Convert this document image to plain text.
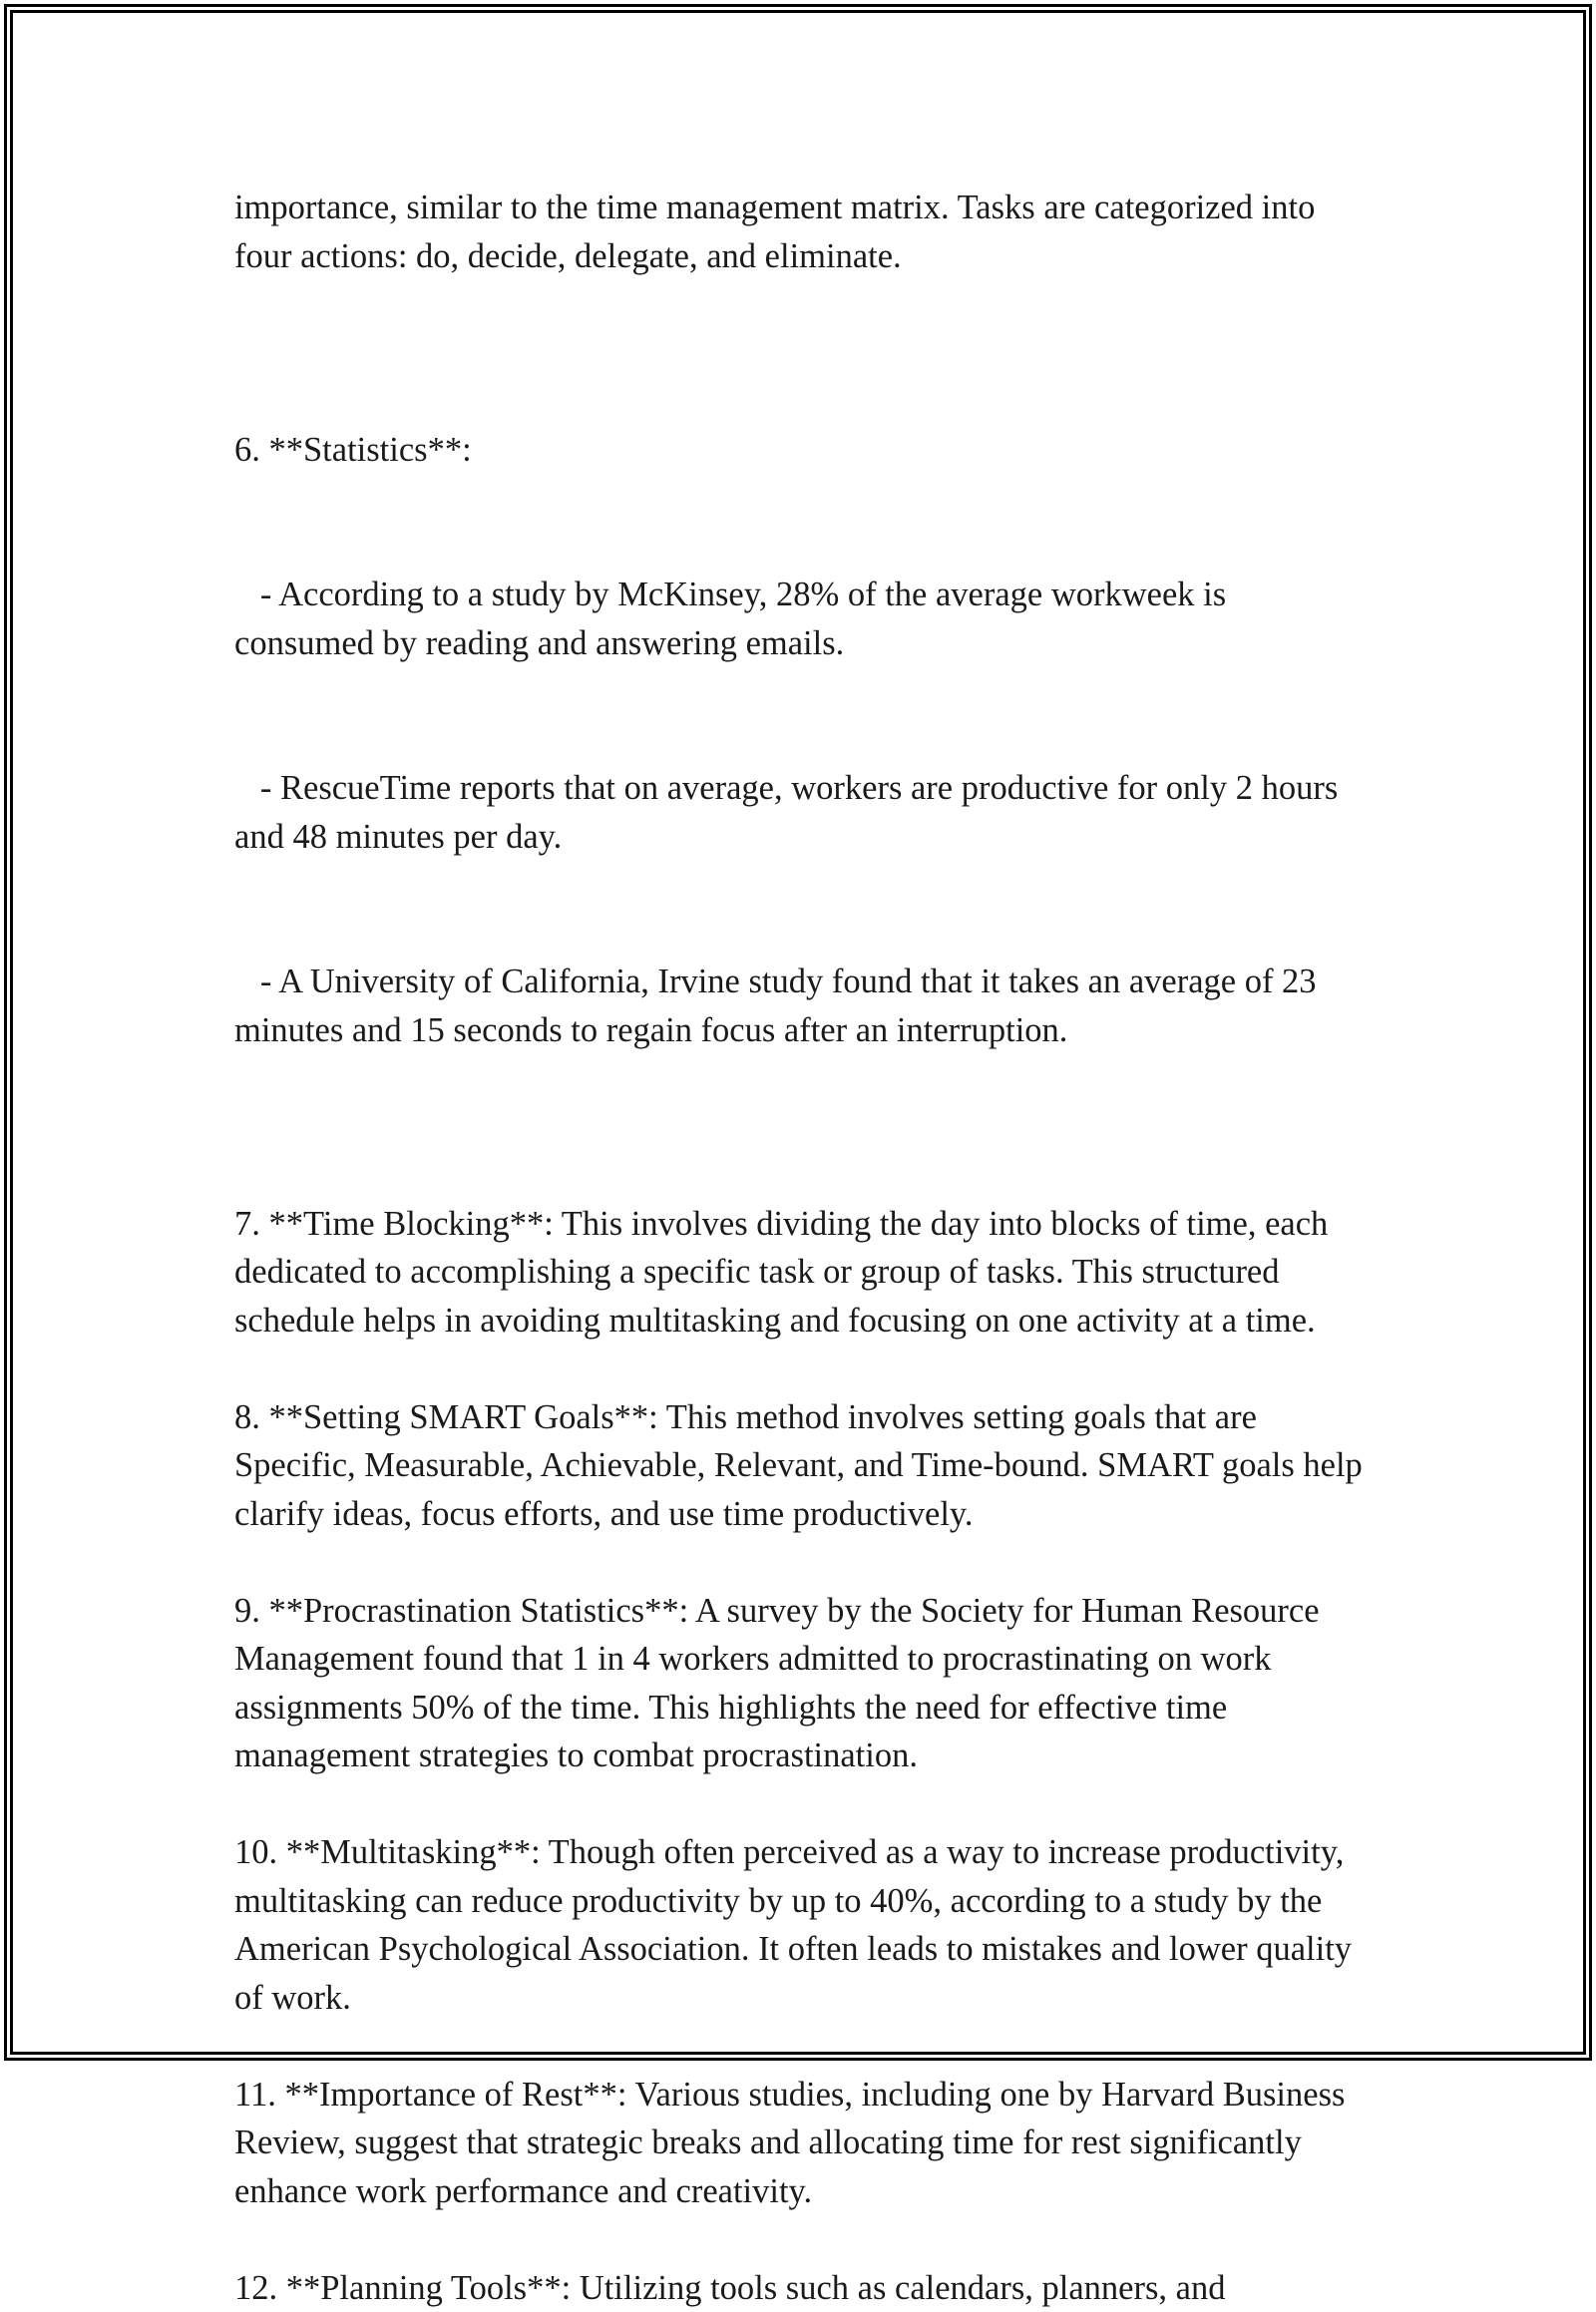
importance, similar to the time management matrix. Tasks are categorized into four actions: do, decide, delegate, and eliminate.

6. **Statistics**:

- According to a study by McKinsey, 28% of the average workweek is consumed by reading and answering emails.

- RescueTime reports that on average, workers are productive for only 2 hours and 48 minutes per day.

- A University of California, Irvine study found that it takes an average of 23 minutes and 15 seconds to regain focus after an interruption.

7. **Time Blocking**: This involves dividing the day into blocks of time, each dedicated to accomplishing a specific task or group of tasks. This structured schedule helps in avoiding multitasking and focusing on one activity at a time.

8. **Setting SMART Goals**: This method involves setting goals that are Specific, Measurable, Achievable, Relevant, and Time-bound. SMART goals help clarify ideas, focus efforts, and use time productively.

9. **Procrastination Statistics**: A survey by the Society for Human Resource Management found that 1 in 4 workers admitted to procrastinating on work assignments 50% of the time. This highlights the need for effective time management strategies to combat procrastination.

10. **Multitasking**: Though often perceived as a way to increase productivity, multitasking can reduce productivity by up to 40%, according to a study by the American Psychological Association. It often leads to mistakes and lower quality of work.

11. **Importance of Rest**: Various studies, including one by Harvard Business Review, suggest that strategic breaks and allocating time for rest significantly enhance work performance and creativity.

12. **Planning Tools**: Utilizing tools such as calendars, planners, and
